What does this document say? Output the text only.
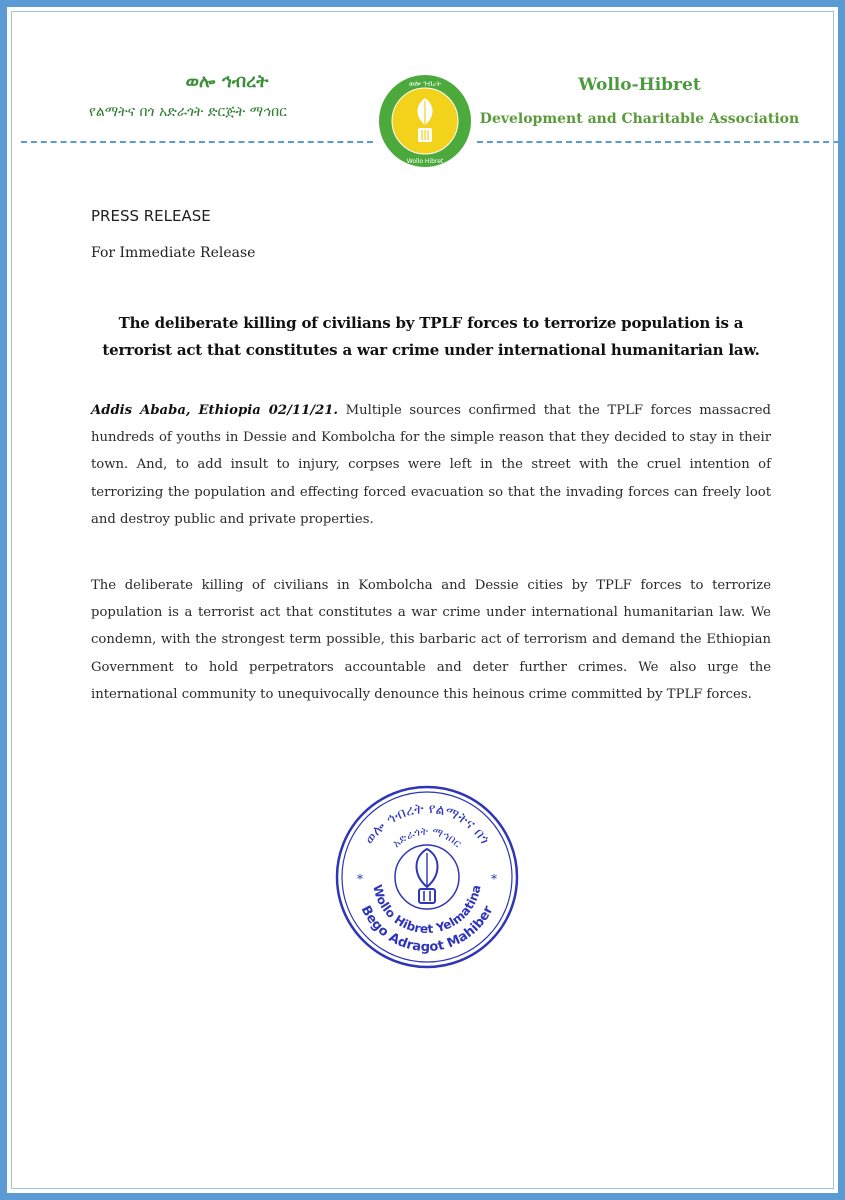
ወሎ ኅብረት
የልማትና በጎ አድራጎት ድርጅት ማኅበር
ወሎ ኅብረት
Wollo Hibret
Wollo-Hibret
Development and Charitable Association
PRESS RELEASE
For Immediate Release
The deliberate killing of civilians by TPLF forces to terrorize population is a
terrorist act that constitutes a war crime under international humanitarian law.

Addis Ababa, Ethiopia 02/11/21. Multiple sources confirmed that the TPLF forces massacred hundreds of youths in Dessie and Kombolcha for the simple reason that they decided to stay in their town. And, to add insult to injury, corpses were left in the street with the cruel intention of terrorizing the population and effecting forced evacuation so that the invading forces can freely loot and destroy public and private properties.

The deliberate killing of civilians in Kombolcha and Dessie cities by TPLF forces to terrorize population is a terrorist act that constitutes a war crime under international humanitarian law. We condemn, with the strongest term possible, this barbaric act of terrorism and demand the Ethiopian Government to hold perpetrators accountable and deter further crimes. We also urge the international community to unequivocally denounce this heinous crime committed by TPLF forces.

ወሎ ኅብረት የልማትና በጎ
አድራጎት ማኅበር
Wollo Hibret Yelmatina
Bego Adragot Mahiber
*	*
